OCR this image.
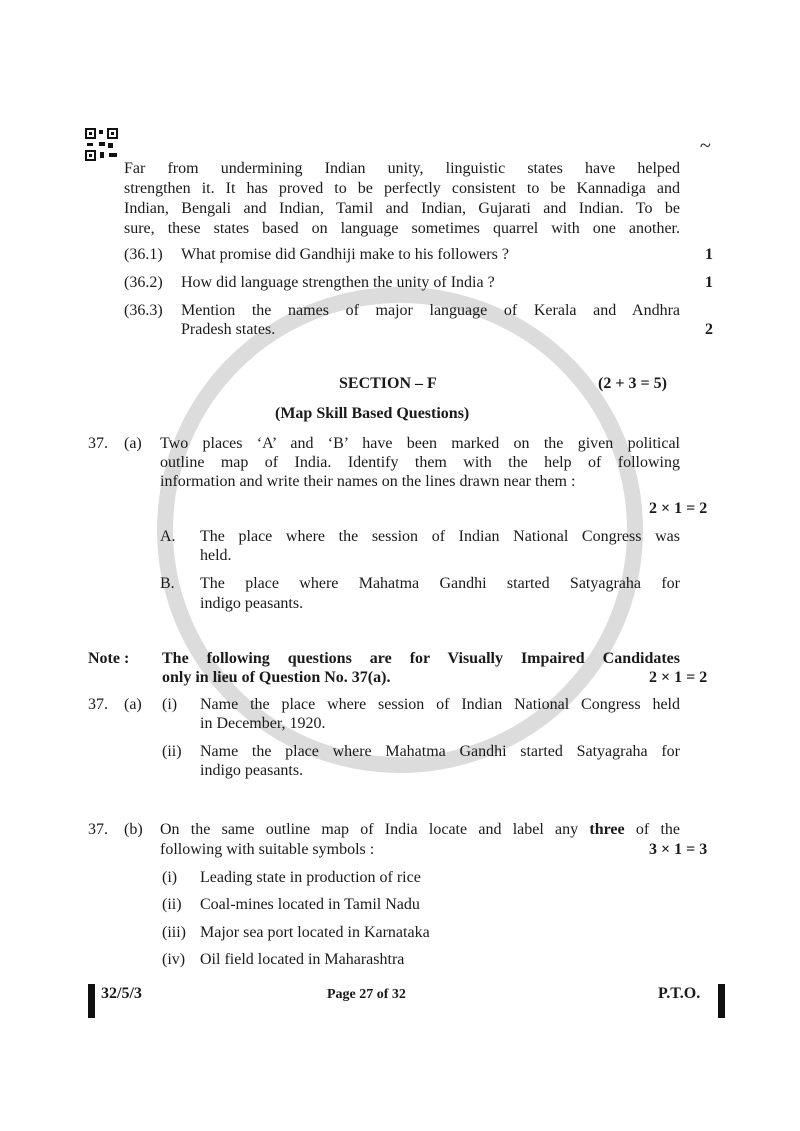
~
Far from undermining Indian unity, linguistic states have helped
strengthen it. It has proved to be perfectly consistent to be Kannadiga and
Indian, Bengali and Indian, Tamil and Indian, Gujarati and Indian. To be
sure, these states based on language sometimes quarrel with one another.
(36.1) What promise did Gandhiji make to his followers ?	1
(36.2) How did language strengthen the unity of India ?	1
(36.3) Mention the names of major language of Kerala and Andhra
Pradesh states.	2
SECTION – F	(2 + 3 = 5)
(Map Skill Based Questions)
37. (a) Two places ‘A’ and ‘B’ have been marked on the given political
outline map of India. Identify them with the help of following
information and write their names on the lines drawn near them :
2 × 1 = 2
A. The place where the session of Indian National Congress was
held.
B. The place where Mahatma Gandhi started Satyagraha for
indigo peasants.
Note : The following questions are for Visually Impaired Candidates
only in lieu of Question No. 37(a).	2 × 1 = 2
37. (a) (i) Name the place where session of Indian National Congress held
in December, 1920.
(ii) Name the place where Mahatma Gandhi started Satyagraha for
indigo peasants.
37. (b) On the same outline map of India locate and label any three of the
following with suitable symbols :	3 × 1 = 3
(i) Leading state in production of rice
(ii) Coal-mines located in Tamil Nadu
(iii) Major sea port located in Karnataka
(iv) Oil field located in Maharashtra
32/5/3	Page 27 of 32	P.T.O.
